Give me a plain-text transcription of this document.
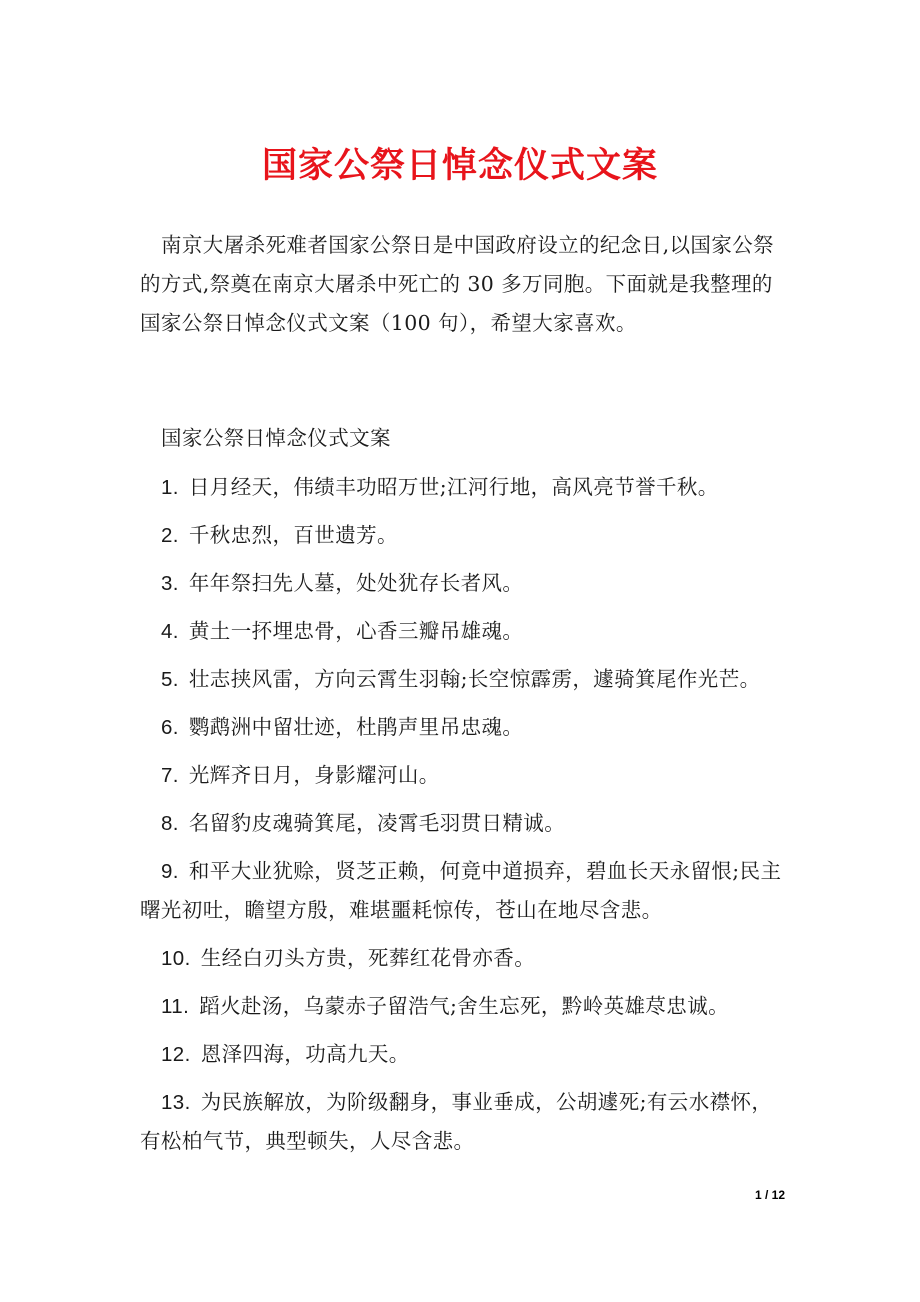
国家公祭日悼念仪式文案
南京大屠杀死难者国家公祭日是中国政府设立的纪念日,以国家公祭的方式,祭奠在南京大屠杀中死亡的 30 多万同胞。下面就是我整理的国家公祭日悼念仪式文案（100 句），希望大家喜欢。
国家公祭日悼念仪式文案
1. 日月经天，伟绩丰功昭万世;江河行地，高风亮节誉千秋。
2. 千秋忠烈，百世遗芳。
3. 年年祭扫先人墓，处处犹存长者风。
4. 黄土一抔埋忠骨，心香三瓣吊雄魂。
5. 壮志挟风雷，方向云霄生羽翰;长空惊霹雳，遽骑箕尾作光芒。
6. 鹦鹉洲中留壮迹，杜鹃声里吊忠魂。
7. 光辉齐日月，身影耀河山。
8. 名留豹皮魂骑箕尾，凌霄毛羽贯日精诚。
9. 和平大业犹赊，贤芝正赖，何竟中道损弃，碧血长天永留恨;民主曙光初吐，瞻望方殷，难堪噩耗惊传，苍山在地尽含悲。
10. 生经白刃头方贵，死葬红花骨亦香。
11. 蹈火赴汤，乌蒙赤子留浩气;舍生忘死，黔岭英雄荩忠诚。
12. 恩泽四海，功高九天。
13. 为民族解放，为阶级翻身，事业垂成，公胡遽死;有云水襟怀，有松柏气节，典型顿失，人尽含悲。
1 / 12
